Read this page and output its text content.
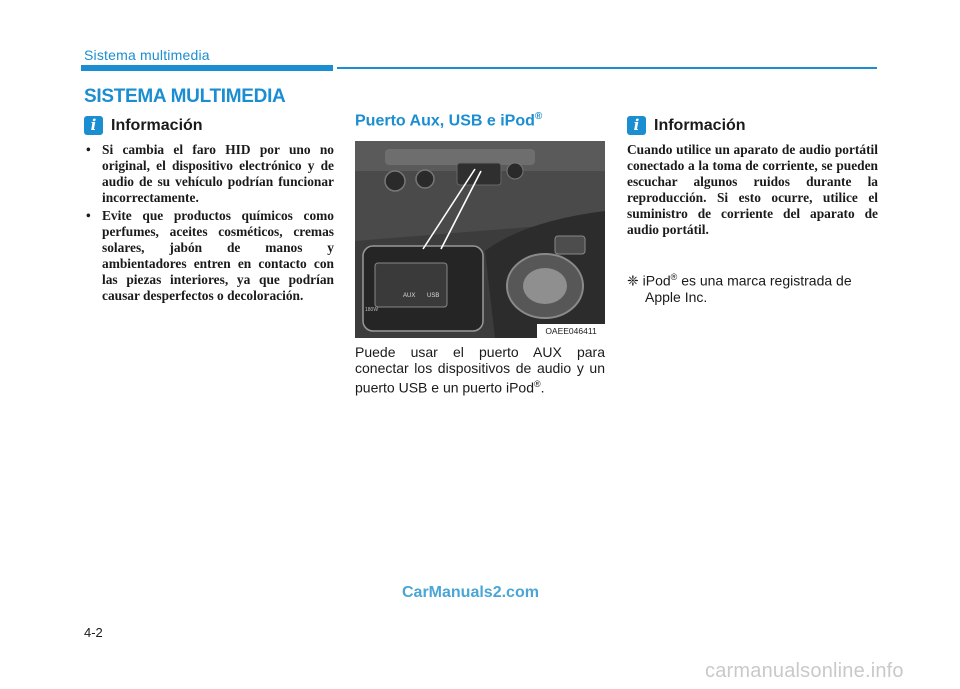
Sistema multimedia
SISTEMA MULTIMEDIA
i Información
• Si cambia el faro HID por uno no original, el dispositivo electrónico y de audio de su vehículo podrían funcionar incorrectamente.
• Evite que productos químicos como perfumes, aceites cosméticos, cremas solares, jabón de manos y ambientadores entren en contacto con las piezas interiores, ya que podrían causar desperfectos o decoloración.
Puerto Aux, USB e iPod®
AUX USB
180W
OAEE046411
Puede usar el puerto AUX para conectar los dispositivos de audio y un puerto USB e un puerto iPod®.
i Información
Cuando utilice un aparato de audio portátil conectado a la toma de corriente, se pueden escuchar algunos ruidos durante la reproducción. Si esto ocurre, utilice el suministro de corriente del aparato de audio portátil.
❈ iPod® es una marca registrada de Apple Inc.
4-2
CarManuals2.com
carmanualsonline.info
